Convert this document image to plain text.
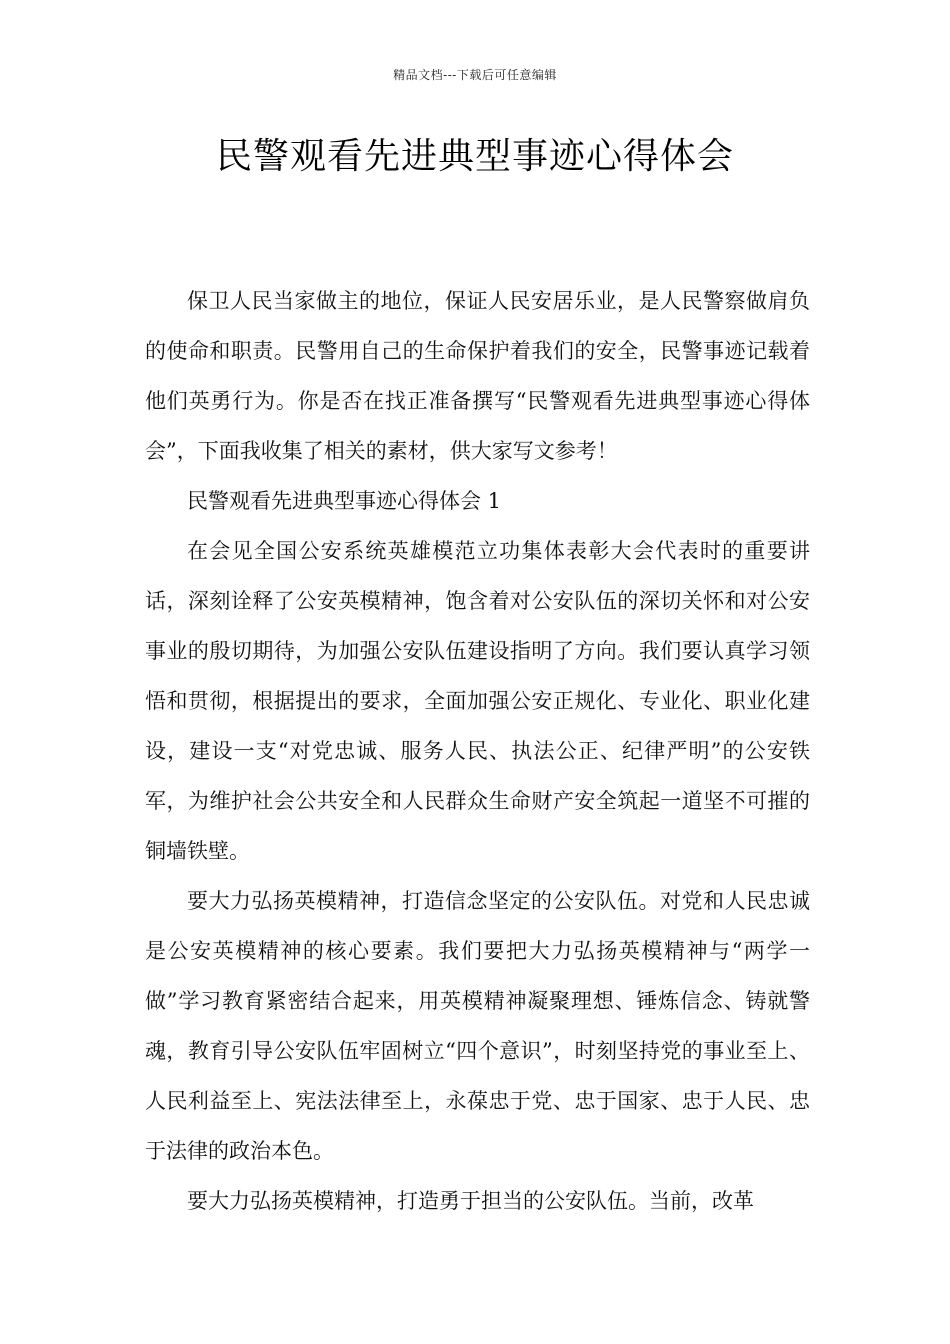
精品文档---下载后可任意编辑
民警观看先进典型事迹心得体会

保卫人民当家做主的地位，保证人民安居乐业，是人民警察做肩负的使命和职责。民警用自己的生命保护着我们的安全，民警事迹记载着他们英勇行为。你是否在找正准备撰写“民警观看先进典型事迹心得体会”，下面我收集了相关的素材，供大家写文参考！

民警观看先进典型事迹心得体会 1

在会见全国公安系统英雄模范立功集体表彰大会代表时的重要讲话，深刻诠释了公安英模精神，饱含着对公安队伍的深切关怀和对公安事业的殷切期待，为加强公安队伍建设指明了方向。我们要认真学习领悟和贯彻，根据提出的要求，全面加强公安正规化、专业化、职业化建设，建设一支“对党忠诚、服务人民、执法公正、纪律严明”的公安铁军，为维护社会公共安全和人民群众生命财产安全筑起一道坚不可摧的铜墙铁壁。

要大力弘扬英模精神，打造信念坚定的公安队伍。对党和人民忠诚是公安英模精神的核心要素。我们要把大力弘扬英模精神与“两学一做”学习教育紧密结合起来，用英模精神凝聚理想、锤炼信念、铸就警魂，教育引导公安队伍牢固树立“四个意识”，时刻坚持党的事业至上、人民利益至上、宪法法律至上，永葆忠于党、忠于国家、忠于人民、忠于法律的政治本色。

要大力弘扬英模精神，打造勇于担当的公安队伍。当前，改革
